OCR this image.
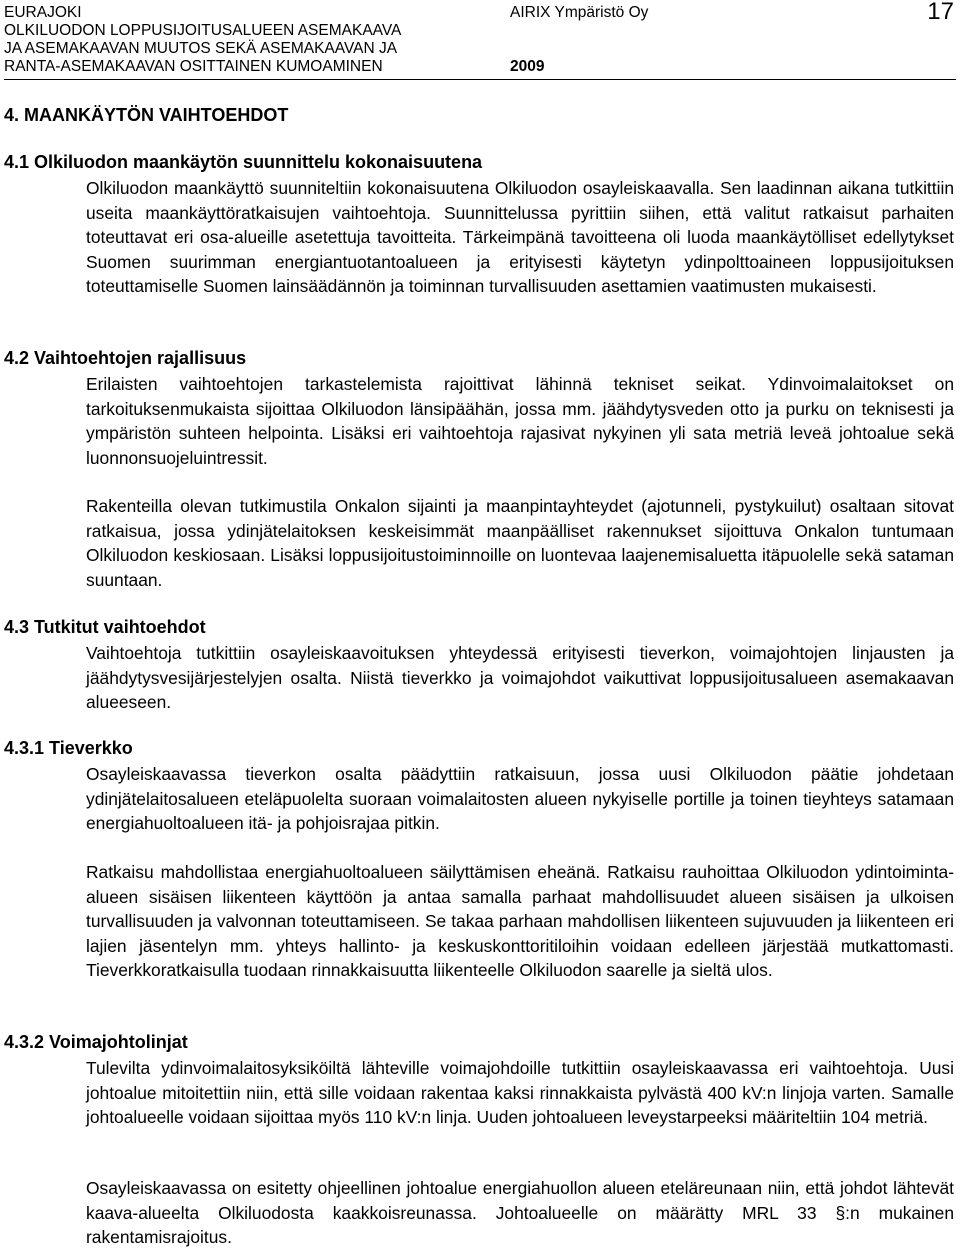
EURAJOKI
OLKILUODON LOPPUSIJOITUSALUEEN ASEMAKAAVA
JA ASEMAKAAVAN MUUTOS SEKÄ ASEMAKAAVAN JA
RANTA-ASEMAKAAVAN OSITTAINEN KUMOAMINEN
AIRIX Ympäristö Oy
2009
17
4. MAANKÄYTÖN VAIHTOEHDOT
4.1 Olkiluodon maankäytön suunnittelu kokonaisuutena

Olkiluodon maankäyttö suunniteltiin kokonaisuutena Olkiluodon osayleiskaavalla. Sen laadinnan aikana tutkittiin useita maankäyttöratkaisujen vaihtoehtoja. Suunnittelussa pyrittiin siihen, että valitut ratkaisut parhaiten toteuttavat eri osa-alueille asetettuja tavoitteita. Tärkeimpänä tavoitteena oli luoda maankäytölliset edellytykset Suomen suurimman energiantuotantoalueen ja erityisesti käytetyn ydinpolttoaineen loppusijoituksen toteuttamiselle Suomen lainsäädännön ja toiminnan turvallisuuden asettamien vaatimusten mukaisesti.

4.2 Vaihtoehtojen rajallisuus

Erilaisten vaihtoehtojen tarkastelemista rajoittivat lähinnä tekniset seikat. Ydinvoimalaitokset on tarkoituksenmukaista sijoittaa Olkiluodon länsipäähän, jossa mm. jäähdytysveden otto ja purku on teknisesti ja ympäristön suhteen helpointa. Lisäksi eri vaihtoehtoja rajasivat nykyinen yli sata metriä leveä johtoalue sekä luonnonsuojeluintressit.

Rakenteilla olevan tutkimustila Onkalon sijainti ja maanpintayhteydet (ajotunneli, pystykuilut) osaltaan sitovat ratkaisua, jossa ydinjätelaitoksen keskeisimmät maanpäälliset rakennukset sijoittuva Onkalon tuntumaan Olkiluodon keskiosaan. Lisäksi loppusijoitustoiminnoille on luontevaa laajenemisaluetta itäpuolelle sekä sataman suuntaan.

4.3 Tutkitut vaihtoehdot

Vaihtoehtoja tutkittiin osayleiskaavoituksen yhteydessä erityisesti tieverkon, voimajohtojen linjausten ja jäähdytysvesijärjestelyjen osalta. Niistä tieverkko ja voimajohdot vaikuttivat loppusijoitusalueen asemakaavan alueeseen.

4.3.1 Tieverkko

Osayleiskaavassa tieverkon osalta päädyttiin ratkaisuun, jossa uusi Olkiluodon päätie johdetaan ydinjätelaitosalueen eteläpuolelta suoraan voimalaitosten alueen nykyiselle portille ja toinen tieyhteys satamaan energiahuoltoalueen itä- ja pohjoisrajaa pitkin.

Ratkaisu mahdollistaa energiahuoltoalueen säilyttämisen eheänä. Ratkaisu rauhoittaa Olkiluodon ydintoiminta-alueen sisäisen liikenteen käyttöön ja antaa samalla parhaat mahdollisuudet alueen sisäisen ja ulkoisen turvallisuuden ja valvonnan toteuttamiseen. Se takaa parhaan mahdollisen liikenteen sujuvuuden ja liikenteen eri lajien jäsentelyn mm. yhteys hallinto- ja keskuskonttoritiloihin voidaan edelleen järjestää mutkattomasti. Tieverkkoratkaisulla tuodaan rinnakkaisuutta liikenteelle Olkiluodon saarelle ja sieltä ulos.

4.3.2 Voimajohtolinjat

Tulevilta ydinvoimalaitosyksiköiltä lähteville voimajohdoille tutkittiin osayleiskaavassa eri vaihtoehtoja. Uusi johtoalue mitoitettiin niin, että sille voidaan rakentaa kaksi rinnakkaista pylvästä 400 kV:n linjoja varten. Samalle johtoalueelle voidaan sijoittaa myös 110 kV:n linja. Uuden johtoalueen leveystarpeeksi määriteltiin 104 metriä.

Osayleiskaavassa on esitetty ohjeellinen johtoalue energiahuollon alueen eteläreunaan niin, että johdot lähtevät kaava-alueelta Olkiluodosta kaakkoisreunassa. Johtoalueelle on määrätty MRL 33 §:n mukainen rakentamisrajoitus.
